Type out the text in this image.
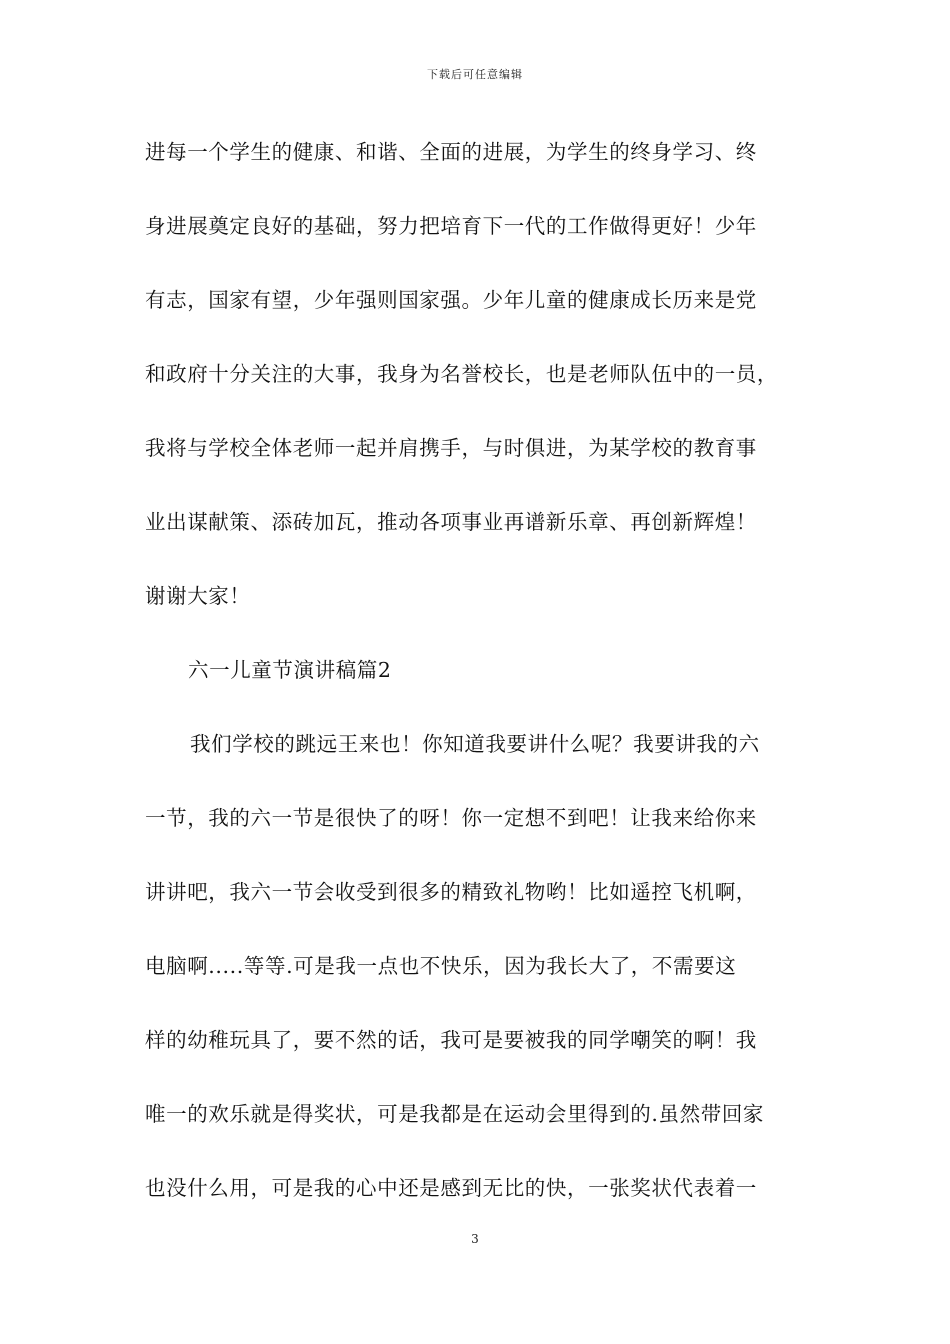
下载后可任意编辑
进每一个学生的健康、和谐、全面的进展，为学生的终身学习、终
身进展奠定良好的基础，努力把培育下一代的工作做得更好！少年
有志，国家有望，少年强则国家强。少年儿童的健康成长历来是党
和政府十分关注的大事，我身为名誉校长，也是老师队伍中的一员，
我将与学校全体老师一起并肩携手，与时俱进，为某学校的教育事
业出谋献策、添砖加瓦，推动各项事业再谱新乐章、再创新辉煌！
谢谢大家！
六一儿童节演讲稿篇2
我们学校的跳远王来也！你知道我要讲什么呢？我要讲我的六
一节，我的六一节是很快了的呀！你一定想不到吧！让我来给你来
讲讲吧，我六一节会收受到很多的精致礼物哟！比如遥控飞机啊，
电脑啊.....等等.可是我一点也不快乐，因为我长大了，不需要这
样的幼稚玩具了，要不然的话，我可是要被我的同学嘲笑的啊！我
唯一的欢乐就是得奖状，可是我都是在运动会里得到的.虽然带回家
也没什么用，可是我的心中还是感到无比的快，一张奖状代表着一
3
